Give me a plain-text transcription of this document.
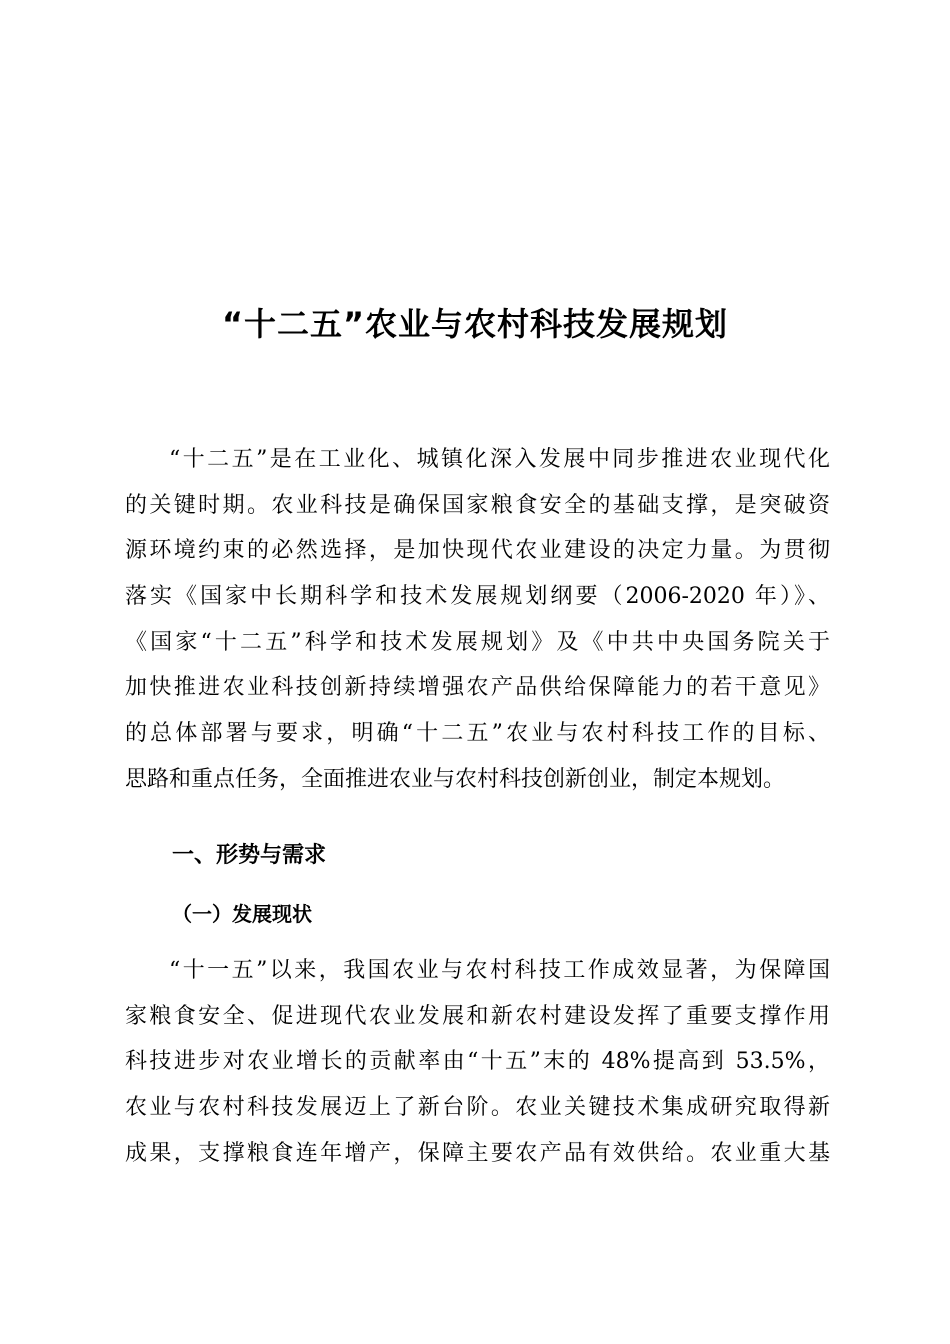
“十二五”农业与农村科技发展规划
“十二五”是在工业化、城镇化深入发展中同步推进农业现代化
的关键时期。农业科技是确保国家粮食安全的基础支撑，是突破资
源环境约束的必然选择，是加快现代农业建设的决定力量。为贯彻
落实《国家中长期科学和技术发展规划纲要（2006-2020 年）》、
《国家“十二五”科学和技术发展规划》及《中共中央国务院关于
加快推进农业科技创新持续增强农产品供给保障能力的若干意见》
的总体部署与要求，明确“十二五”农业与农村科技工作的目标、
思路和重点任务，全面推进农业与农村科技创新创业，制定本规划。
一、形势与需求
（一）发展现状
“十一五”以来，我国农业与农村科技工作成效显著，为保障国
家粮食安全、促进现代农业发展和新农村建设发挥了重要支撑作用
科技进步对农业增长的贡献率由“十五”末的 48%提高到 53.5%，
农业与农村科技发展迈上了新台阶。农业关键技术集成研究取得新
成果，支撑粮食连年增产，保障主要农产品有效供给。农业重大基
